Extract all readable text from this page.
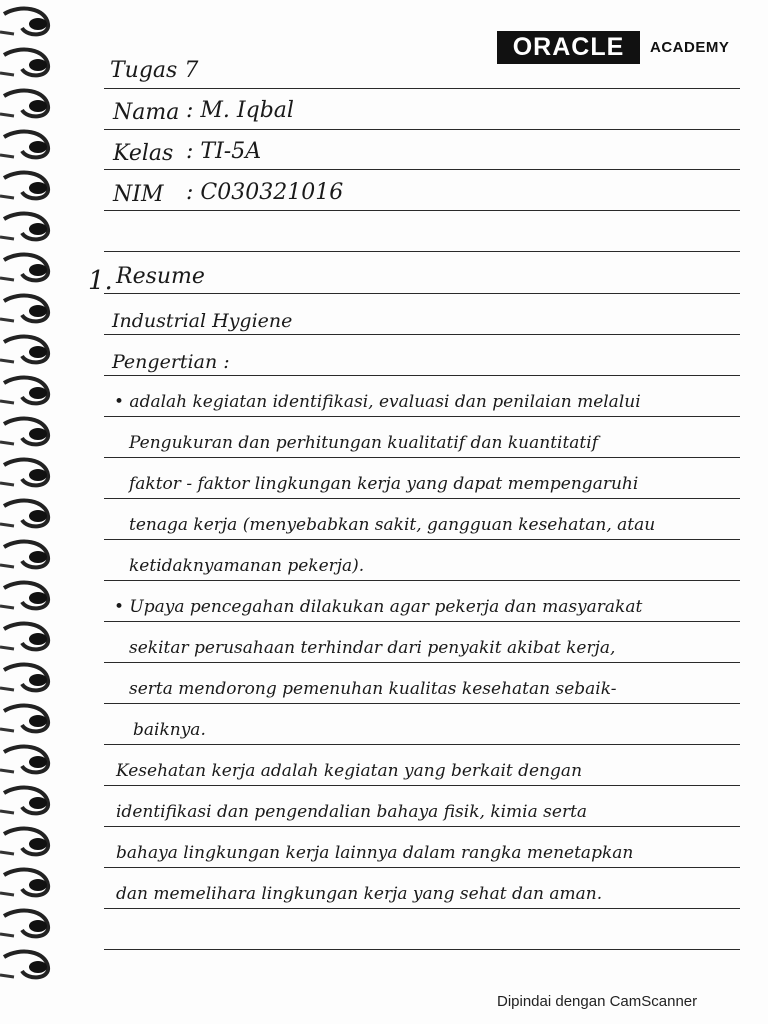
ORACLE	ACADEMY
Tugas 7
Nama : M. Iqbal
Kelas : TI-5A
NIM : C030321016
1. Resume
Industrial Hygiene
Pengertian :
• adalah kegiatan identifikasi, evaluasi dan penilaian melalui
Pengukuran dan perhitungan kualitatif dan kuantitatif
faktor - faktor lingkungan kerja yang dapat mempengaruhi
tenaga kerja (menyebabkan sakit, gangguan kesehatan, atau
ketidaknyamanan pekerja).
• Upaya pencegahan dilakukan agar pekerja dan masyarakat
sekitar perusahaan terhindar dari penyakit akibat kerja,
serta mendorong pemenuhan kualitas kesehatan sebaik-
baiknya.
Kesehatan kerja adalah kegiatan yang berkait dengan
identifikasi dan pengendalian bahaya fisik, kimia serta
bahaya lingkungan kerja lainnya dalam rangka menetapkan
dan memelihara lingkungan kerja yang sehat dan aman.
Dipindai dengan CamScanner
